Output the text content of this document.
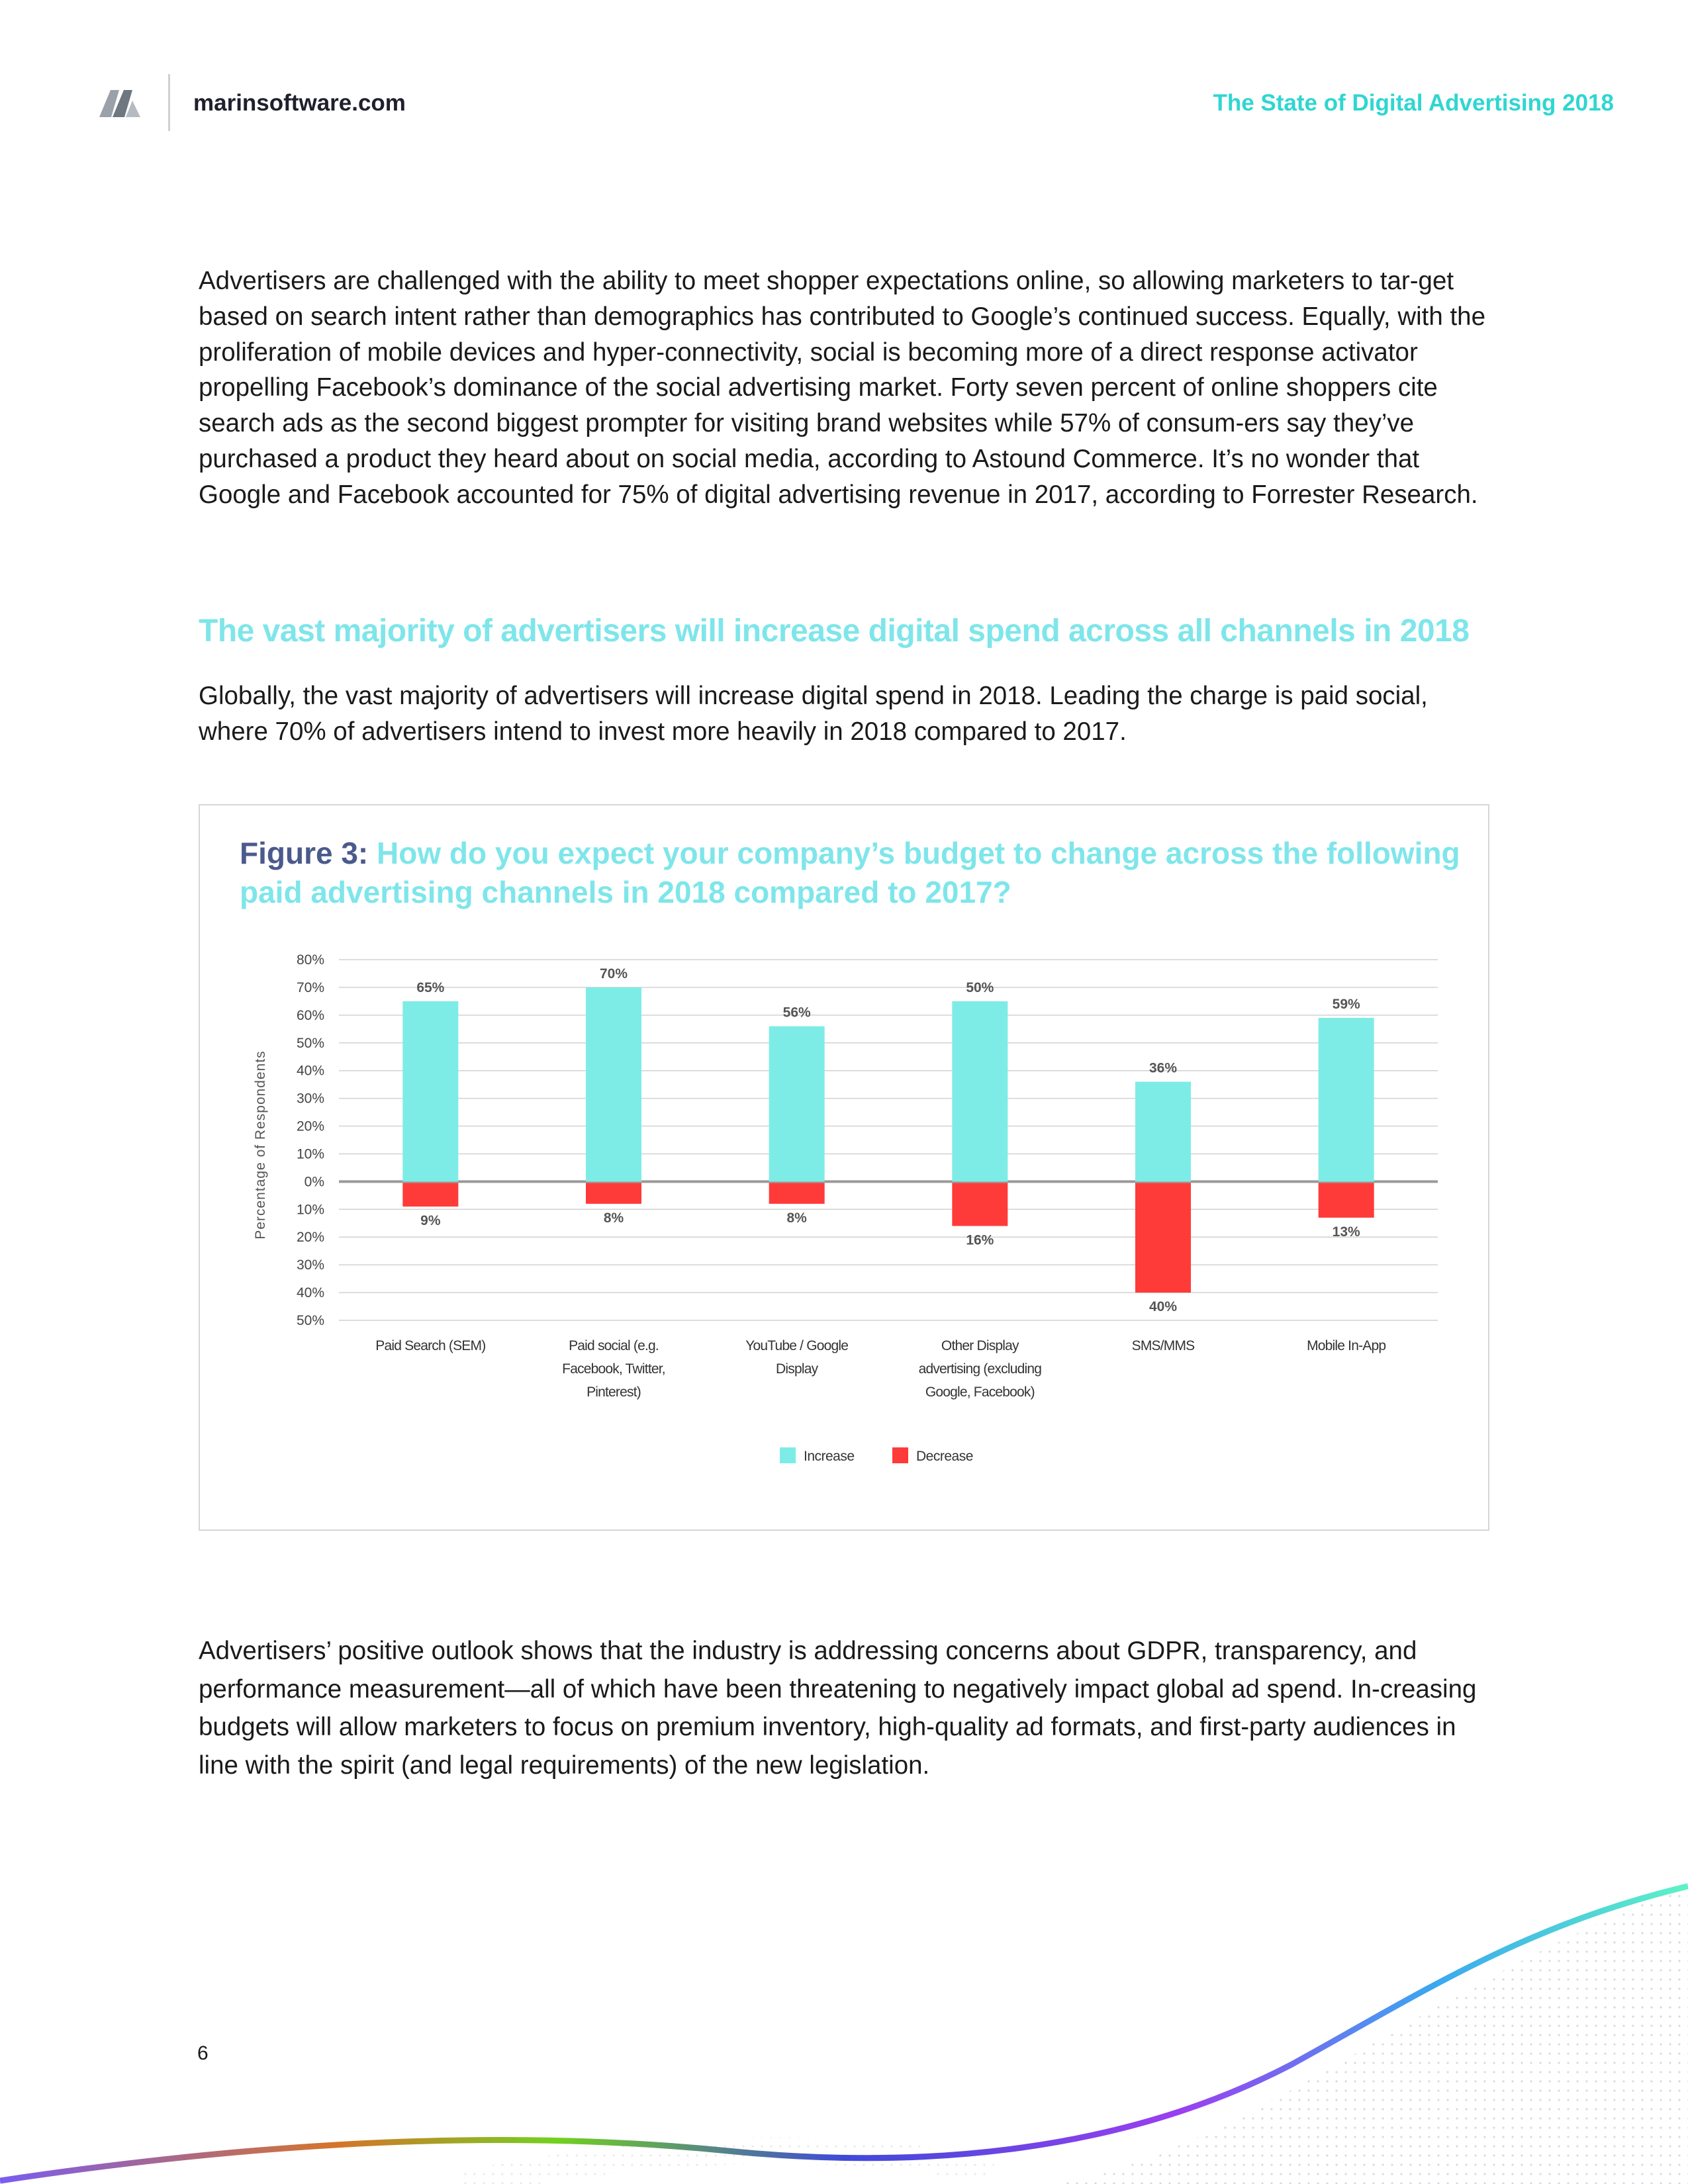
marinsoftware.com	The State of Digital Advertising 2018
Advertisers are challenged with the ability to meet shopper expectations online, so allowing marketers to tar-get based on search intent rather than demographics has contributed to Google’s continued success. Equally, with the proliferation of mobile devices and hyper-connectivity, social is becoming more of a direct response activator propelling Facebook’s dominance of the social advertising market. Forty seven percent of online shoppers cite search ads as the second biggest prompter for visiting brand websites while 57% of consum-ers say they’ve purchased a product they heard about on social media, according to Astound Commerce. It’s no wonder that Google and Facebook accounted for 75% of digital advertising revenue in 2017, according to Forrester Research.
The vast majority of advertisers will increase digital spend across all channels in 2018
Globally, the vast majority of advertisers will increase digital spend in 2018. Leading the charge is paid social, where 70% of advertisers intend to invest more heavily in 2018 compared to 2017.
Figure 3: How do you expect your company’s budget to change across the following paid advertising channels in 2018 compared to 2017?
Percentage of Respondents
80%
70%
60%
50%
40%
30%
20%
10%
0%
10%
20%
30%
40%
50%
65%
9%
70%
8%
56%
8%
50%
16%
36%
40%
59%
13%
Paid Search (SEM)	Paid social (e.g. Facebook, Twitter, Pinterest)
YouTube / Google Display
Other Display advertising (excluding Google, Facebook)
SMS/MMS	Mobile In-App
Increase	Decrease
Advertisers’ positive outlook shows that the industry is addressing concerns about GDPR, transparency, and performance measurement—all of which have been threatening to negatively impact global ad spend. In-creasing budgets will allow marketers to focus on premium inventory, high-quality ad formats, and first-party audiences in line with the spirit (and legal requirements) of the new legislation.
6
